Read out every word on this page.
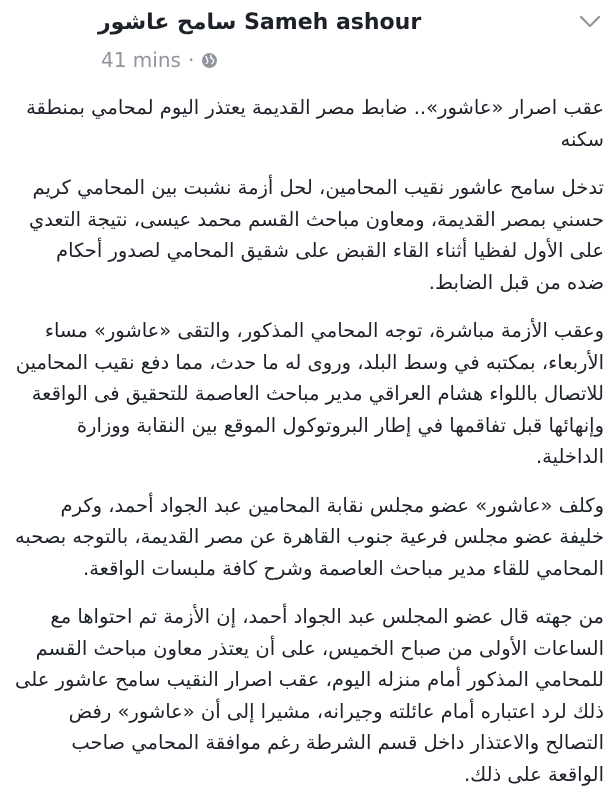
سامح عاشور Sameh ashour
41 mins ·

عقب اصرار «عاشور».. ضابط مصر القديمة يعتذر اليوم لمحامي بمنطقة سكنه

تدخل سامح عاشور نقيب المحامين، لحل أزمة نشبت بين المحامي كريم حسني بمصر القديمة، ومعاون مباحث القسم محمد عيسى، نتيجة التعدي على الأول لفظيا أثناء القاء القبض على شقيق المحامي لصدور أحكام ضده من قبل الضابط.

وعقب الأزمة مباشرة، توجه المحامي المذكور، والتقى «عاشور» مساء الأربعاء، بمكتبه في وسط البلد، وروى له ما حدث، مما دفع نقيب المحامين للاتصال باللواء هشام العراقي مدير مباحث العاصمة للتحقيق فى الواقعة وإنهائها قبل تفاقمها في إطار البروتوكول الموقع بين النقابة ووزارة الداخلية.

وكلف «عاشور» عضو مجلس نقابة المحامين عبد الجواد أحمد، وكرم خليفة عضو مجلس فرعية جنوب القاهرة عن مصر القديمة، بالتوجه بصحبه المحامي للقاء مدير مباحث العاصمة وشرح كافة ملبسات الواقعة.

من جهته قال عضو المجلس عبد الجواد أحمد، إن الأزمة تم احتواها مع الساعات الأولى من صباح الخميس، على أن يعتذر معاون مباحث القسم للمحامي المذكور أمام منزله اليوم، عقب اصرار النقيب سامح عاشور على ذلك لرد اعتباره أمام عائلته وجيرانه، مشيرا إلى أن «عاشور» رفض التصالح والاعتذار داخل قسم الشرطة رغم موافقة المحامي صاحب الواقعة على ذلك.
